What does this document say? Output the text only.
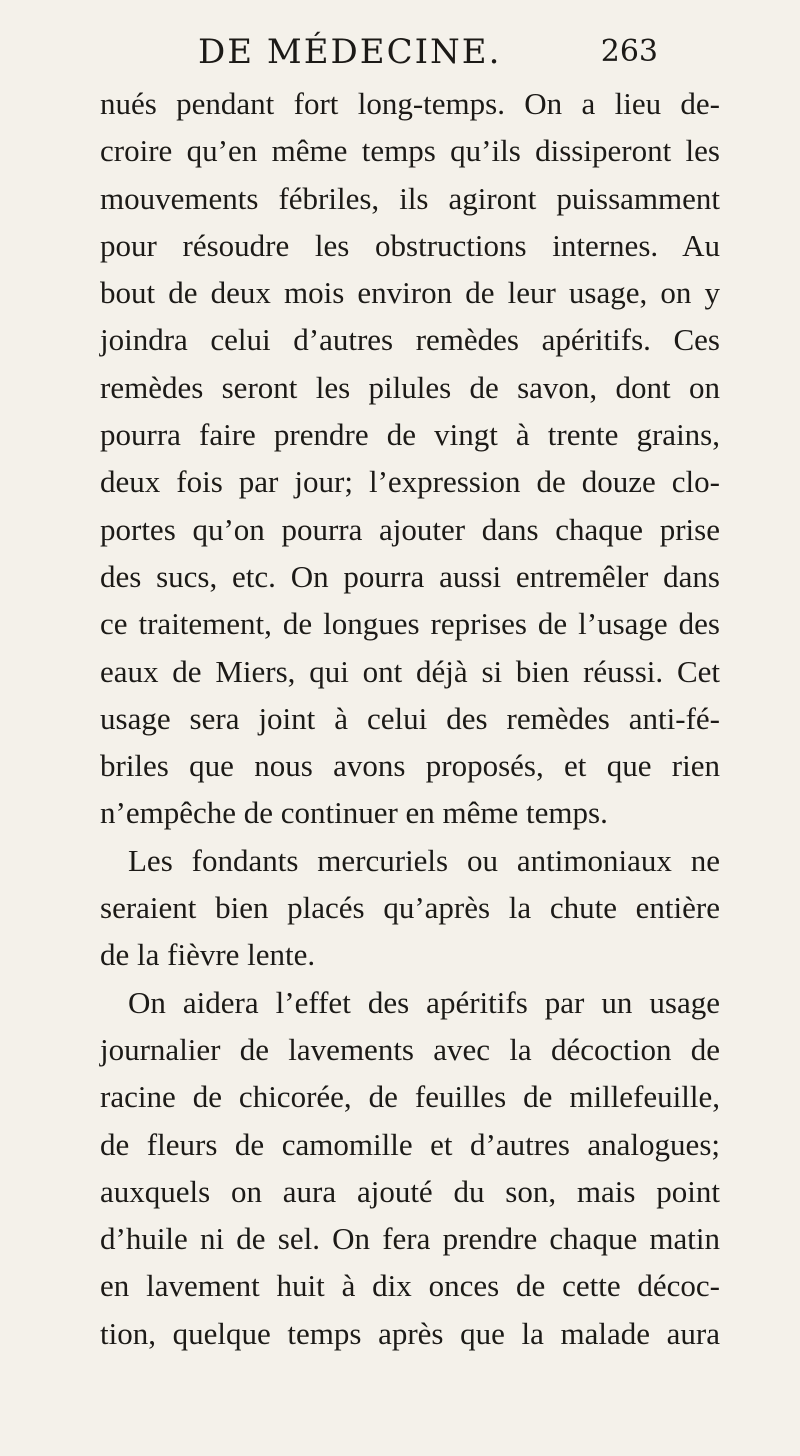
DE MÉDECINE.	263
nués pendant fort long-temps. On a lieu de-
croire qu’en même temps qu’ils dissiperont les
mouvements fébriles, ils agiront puissamment
pour résoudre les obstructions internes. Au
bout de deux mois environ de leur usage, on y
joindra celui d’autres remèdes apéritifs. Ces
remèdes seront les pilules de savon, dont on
pourra faire prendre de vingt à trente grains,
deux fois par jour; l’expression de douze clo-
portes qu’on pourra ajouter dans chaque prise
des sucs, etc. On pourra aussi entremêler dans
ce traitement, de longues reprises de l’usage des
eaux de Miers, qui ont déjà si bien réussi. Cet
usage sera joint à celui des remèdes anti-fé-
briles que nous avons proposés, et que rien
n’empêche de continuer en même temps.
Les fondants mercuriels ou antimoniaux ne
seraient bien placés qu’après la chute entière
de la fièvre lente.
On aidera l’effet des apéritifs par un usage
journalier de lavements avec la décoction de
racine de chicorée, de feuilles de millefeuille,
de fleurs de camomille et d’autres analogues;
auxquels on aura ajouté du son, mais point
d’huile ni de sel. On fera prendre chaque matin
en lavement huit à dix onces de cette décoc-
tion, quelque temps après que la malade aura
